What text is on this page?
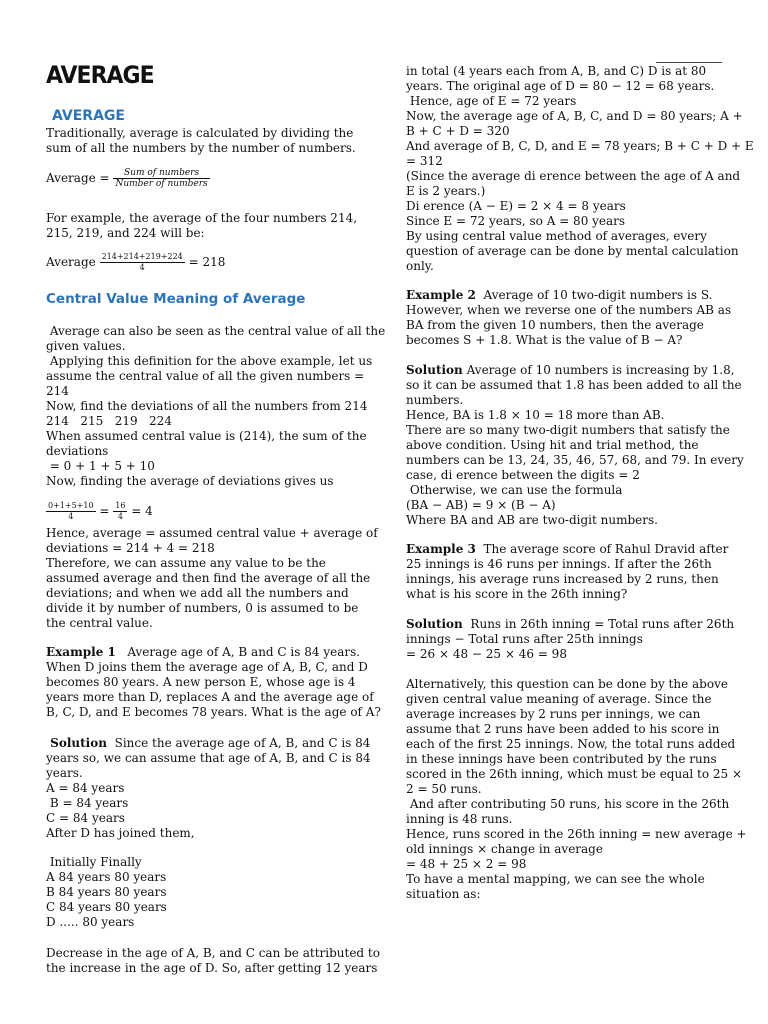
AVERAGE
AVERAGE
Traditionally, average is calculated by dividing the
sum of all the numbers by the number of numbers.
Average = $\frac{\text{Sum of numbers}}{\text{Number of numbers}}$
For example, the average of the four numbers 214,
215, 219, and 224 will be:
Average $\frac{214+214+219+224}{4} = 218$
Central Value Meaning of Average
Average can also be seen as the central value of all the
given values.
Applying this definition for the above example, let us
assume the central value of all the given numbers =
214
Now, find the deviations of all the numbers from 214
214   215   219   224
When assumed central value is (214), the sum of the
deviations
= 0 + 1 + 5 + 10
Now, finding the average of deviations gives us
$\frac{0+1+5+10}{4} = \frac{16}{4} = 4$
Hence, average = assumed central value + average of
deviations = 214 + 4 = 218
Therefore, we can assume any value to be the
assumed average and then find the average of all the
deviations; and when we add all the numbers and
divide it by number of numbers, 0 is assumed to be
the central value.
Example 1   Average age of A, B and C is 84 years.
When D joins them the average age of A, B, C, and D
becomes 80 years. A new person E, whose age is 4
years more than D, replaces A and the average age of
B, C, D, and E becomes 78 years. What is the age of A?
Solution  Since the average age of A, B, and C is 84
years so, we can assume that age of A, B, and C is 84
years.
A = 84 years
B = 84 years
C = 84 years
After D has joined them,
Initially Finally
A 84 years 80 years
B 84 years 80 years
C 84 years 80 years
D ..... 80 years
Decrease in the age of A, B, and C can be attributed to
the increase in the age of D. So, after getting 12 years
in total (4 years each from A, B, and C) D is at 80
years. The original age of D = 80 − 12 = 68 years.
Hence, age of E = 72 years
Now, the average age of A, B, C, and D = 80 years; A +
B + C + D = 320
And average of B, C, D, and E = 78 years; B + C + D + E
= 312
(Since the average di erence between the age of A and
E is 2 years.)
Di erence (A − E) = 2 × 4 = 8 years
Since E = 72 years, so A = 80 years
By using central value method of averages, every
question of average can be done by mental calculation
only.
Example 2  Average of 10 two-digit numbers is S.
However, when we reverse one of the numbers AB as
BA from the given 10 numbers, then the average
becomes S + 1.8. What is the value of B − A?
Solution Average of 10 numbers is increasing by 1.8,
so it can be assumed that 1.8 has been added to all the
numbers.
Hence, BA is 1.8 × 10 = 18 more than AB.
There are so many two-digit numbers that satisfy the
above condition. Using hit and trial method, the
numbers can be 13, 24, 35, 46, 57, 68, and 79. In every
case, di erence between the digits = 2
Otherwise, we can use the formula
(BA − AB) = 9 × (B − A)
Where BA and AB are two-digit numbers.
Example 3  The average score of Rahul Dravid after
25 innings is 46 runs per innings. If after the 26th
innings, his average runs increased by 2 runs, then
what is his score in the 26th inning?
Solution  Runs in 26th inning = Total runs after 26th
innings − Total runs after 25th innings
= 26 × 48 − 25 × 46 = 98
Alternatively, this question can be done by the above
given central value meaning of average. Since the
average increases by 2 runs per innings, we can
assume that 2 runs have been added to his score in
each of the first 25 innings. Now, the total runs added
in these innings have been contributed by the runs
scored in the 26th inning, which must be equal to 25 ×
2 = 50 runs.
And after contributing 50 runs, his score in the 26th
inning is 48 runs.
Hence, runs scored in the 26th inning = new average +
old innings × change in average
= 48 + 25 × 2 = 98
To have a mental mapping, we can see the whole
situation as:
